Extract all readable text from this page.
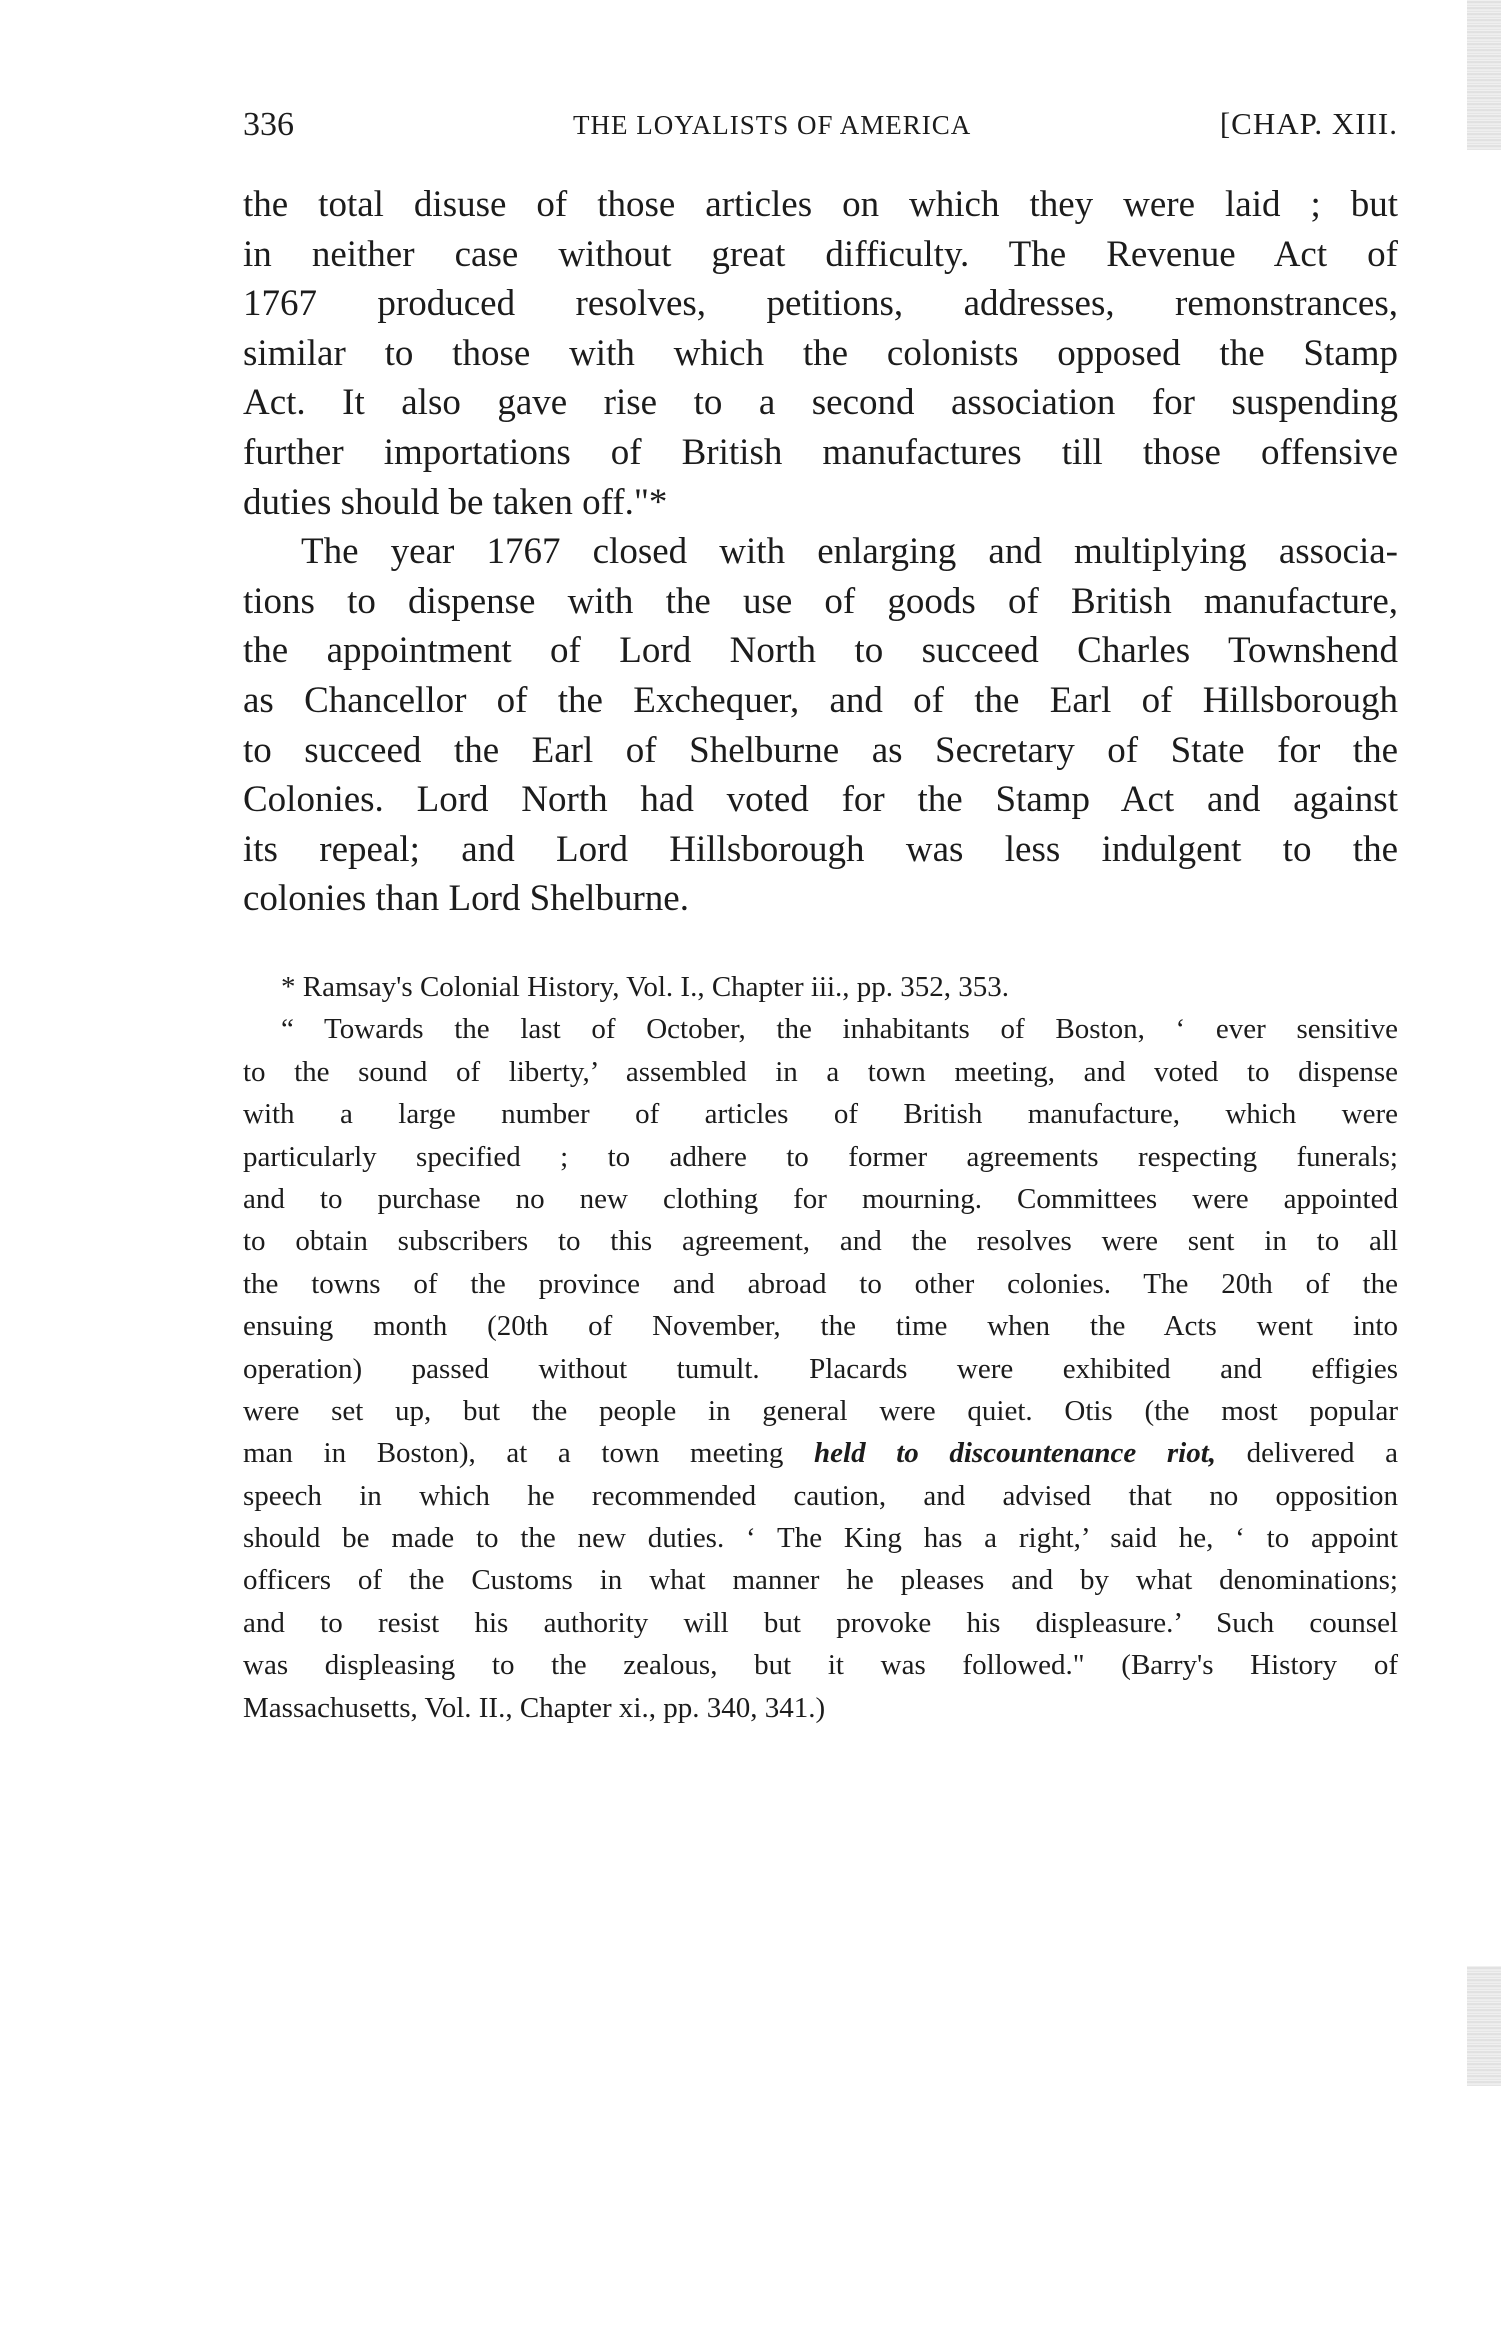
336	THE LOYALISTS OF AMERICA	[CHAP. XIII.
the total disuse of those articles on which they were laid ; but
in neither case without great difficulty. The Revenue Act of
1767 produced resolves, petitions, addresses, remonstrances,
similar to those with which the colonists opposed the Stamp
Act. It also gave rise to a second association for suspending
further importations of British manufactures till those offensive
duties should be taken off."*
The year 1767 closed with enlarging and multiplying associa-
tions to dispense with the use of goods of British manufacture,
the appointment of Lord North to succeed Charles Townshend
as Chancellor of the Exchequer, and of the Earl of Hillsborough
to succeed the Earl of Shelburne as Secretary of State for the
Colonies. Lord North had voted for the Stamp Act and against
its repeal; and Lord Hillsborough was less indulgent to the
colonies than Lord Shelburne.
* Ramsay's Colonial History, Vol. I., Chapter iii., pp. 352, 353.
“ Towards the last of October, the inhabitants of Boston, ‘ ever sensitive
to the sound of liberty,’ assembled in a town meeting, and voted to dispense
with a large number of articles of British manufacture, which were
particularly specified ; to adhere to former agreements respecting funerals;
and to purchase no new clothing for mourning. Committees were appointed
to obtain subscribers to this agreement, and the resolves were sent in to all
the towns of the province and abroad to other colonies. The 20th of the
ensuing month (20th of November, the time when the Acts went into
operation) passed without tumult. Placards were exhibited and effigies
were set up, but the people in general were quiet. Otis (the most popular
man in Boston), at a town meeting held to discountenance riot, delivered a
speech in which he recommended caution, and advised that no opposition
should be made to the new duties. ‘ The King has a right,’ said he, ‘ to appoint
officers of the Customs in what manner he pleases and by what denominations;
and to resist his authority will but provoke his displeasure.’ Such counsel
was displeasing to the zealous, but it was followed." (Barry's History of
Massachusetts, Vol. II., Chapter xi., pp. 340, 341.)
